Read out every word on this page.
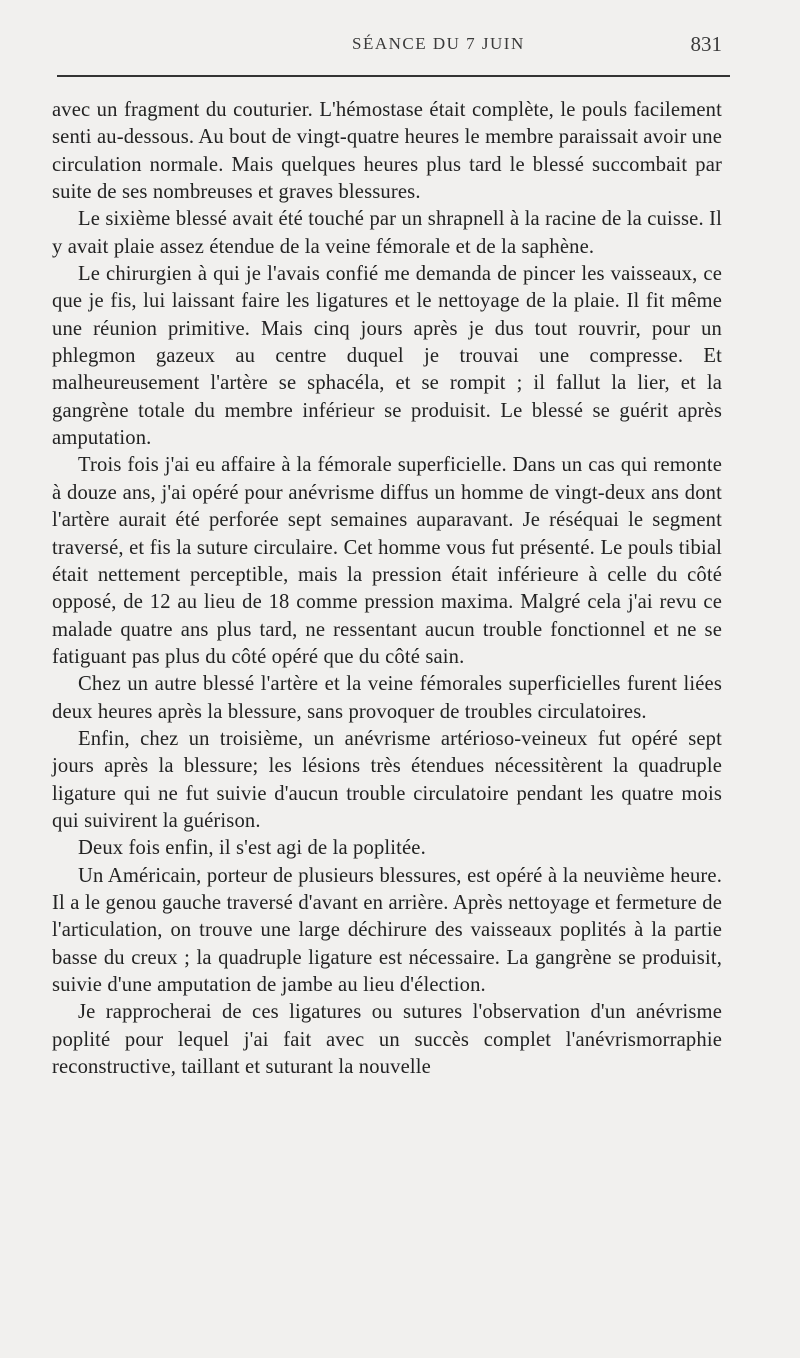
SÉANCE DU 7 JUIN	831

avec un fragment du couturier. L'hémostase était complète, le pouls facilement senti au-dessous. Au bout de vingt-quatre heures le membre paraissait avoir une circulation normale. Mais quelques heures plus tard le blessé succombait par suite de ses nombreuses et graves blessures.

Le sixième blessé avait été touché par un shrapnell à la racine de la cuisse. Il y avait plaie assez étendue de la veine fémorale et de la saphène.

Le chirurgien à qui je l'avais confié me demanda de pincer les vaisseaux, ce que je fis, lui laissant faire les ligatures et le nettoyage de la plaie. Il fit même une réunion primitive. Mais cinq jours après je dus tout rouvrir, pour un phlegmon gazeux au centre duquel je trouvai une compresse. Et malheureusement l'artère se sphacéla, et se rompit ; il fallut la lier, et la gangrène totale du membre inférieur se produisit. Le blessé se guérit après amputation.

Trois fois j'ai eu affaire à la fémorale superficielle. Dans un cas qui remonte à douze ans, j'ai opéré pour anévrisme diffus un homme de vingt-deux ans dont l'artère aurait été perforée sept semaines auparavant. Je réséquai le segment traversé, et fis la suture circulaire. Cet homme vous fut présenté. Le pouls tibial était nettement perceptible, mais la pression était inférieure à celle du côté opposé, de 12 au lieu de 18 comme pression maxima. Malgré cela j'ai revu ce malade quatre ans plus tard, ne ressentant aucun trouble fonctionnel et ne se fatiguant pas plus du côté opéré que du côté sain.

Chez un autre blessé l'artère et la veine fémorales superficielles furent liées deux heures après la blessure, sans provoquer de troubles circulatoires.

Enfin, chez un troisième, un anévrisme artérioso-veineux fut opéré sept jours après la blessure; les lésions très étendues nécessitèrent la quadruple ligature qui ne fut suivie d'aucun trouble circulatoire pendant les quatre mois qui suivirent la guérison.

Deux fois enfin, il s'est agi de la poplitée.

Un Américain, porteur de plusieurs blessures, est opéré à la neuvième heure. Il a le genou gauche traversé d'avant en arrière. Après nettoyage et fermeture de l'articulation, on trouve une large déchirure des vaisseaux poplités à la partie basse du creux ; la quadruple ligature est nécessaire. La gangrène se produisit, suivie d'une amputation de jambe au lieu d'élection.

Je rapprocherai de ces ligatures ou sutures l'observation d'un anévrisme poplité pour lequel j'ai fait avec un succès complet l'anévrismorraphie reconstructive, taillant et suturant la nouvelle
